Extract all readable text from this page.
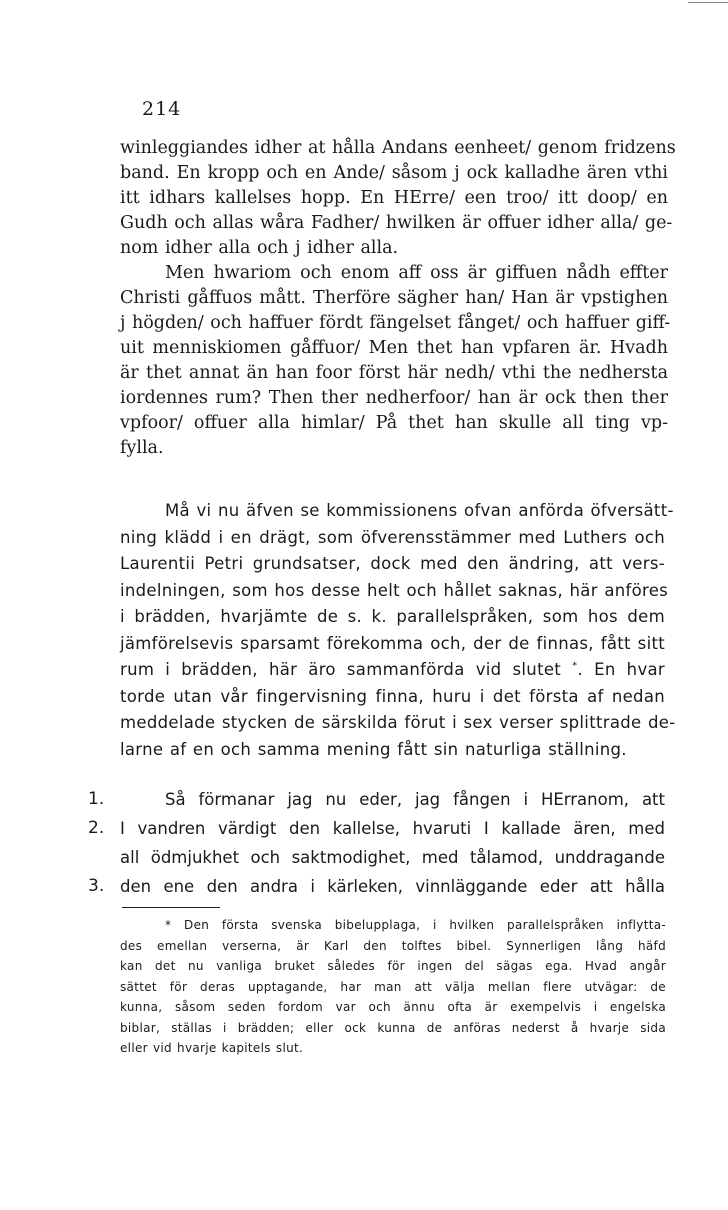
214
winleggiandes idher at hålla Andans eenheet/ genom fridzens
band. En kropp och en Ande/ såsom j ock kalladhe ären vthi
itt idhars kallelses hopp. En HErre/ een troo/ itt doop/ en
Gudh och allas wåra Fadher/ hwilken är offuer idher alla/ ge-
nom idher alla och j idher alla.
Men hwariom och enom aff oss är giffuen nådh effter
Christi gåffuos mått. Therföre sägher han/ Han är vpstighen
j högden/ och haffuer fördt fängelset fånget/ och haffuer giff-
uit menniskiomen gåffuor/ Men thet han vpfaren är. Hvadh
är thet annat än han foor först här nedh/ vthi the nedhersta
iordennes rum? Then ther nedherfoor/ han är ock then ther
vpfoor/ offuer alla himlar/ På thet han skulle all ting vp-
fylla.
Må vi nu äfven se kommissionens ofvan anförda öfversätt-
ning klädd i en drägt, som öfverensstämmer med Luthers och
Laurentii Petri grundsatser, dock med den ändring, att vers-
indelningen, som hos desse helt och hållet saknas, här anföres
i brädden, hvarjämte de s. k. parallelspråken, som hos dem
jämförelsevis sparsamt förekomma och, der de finnas, fått sitt
rum i brädden, här äro sammanförda vid slutet *. En hvar
torde utan vår fingervisning finna, huru i det första af nedan
meddelade stycken de särskilda förut i sex verser splittrade de-
larne af en och samma mening fått sin naturliga ställning.
1.	Så förmanar jag nu eder, jag fången i HErranom, att
2. I vandren värdigt den kallelse, hvaruti I kallade ären, med
all ödmjukhet och saktmodighet, med tålamod, unddragande
3. den ene den andra i kärleken, vinnläggande eder att hålla
* Den första svenska bibelupplaga, i hvilken parallelspråken inflytta-
des emellan verserna, är Karl den tolftes bibel. Synnerligen lång häfd
kan det nu vanliga bruket således för ingen del sägas ega. Hvad angår
sättet för deras upptagande, har man att välja mellan flere utvägar: de
kunna, såsom seden fordom var och ännu ofta är exempelvis i engelska
biblar, ställas i brädden; eller ock kunna de anföras nederst å hvarje sida
eller vid hvarje kapitels slut.
